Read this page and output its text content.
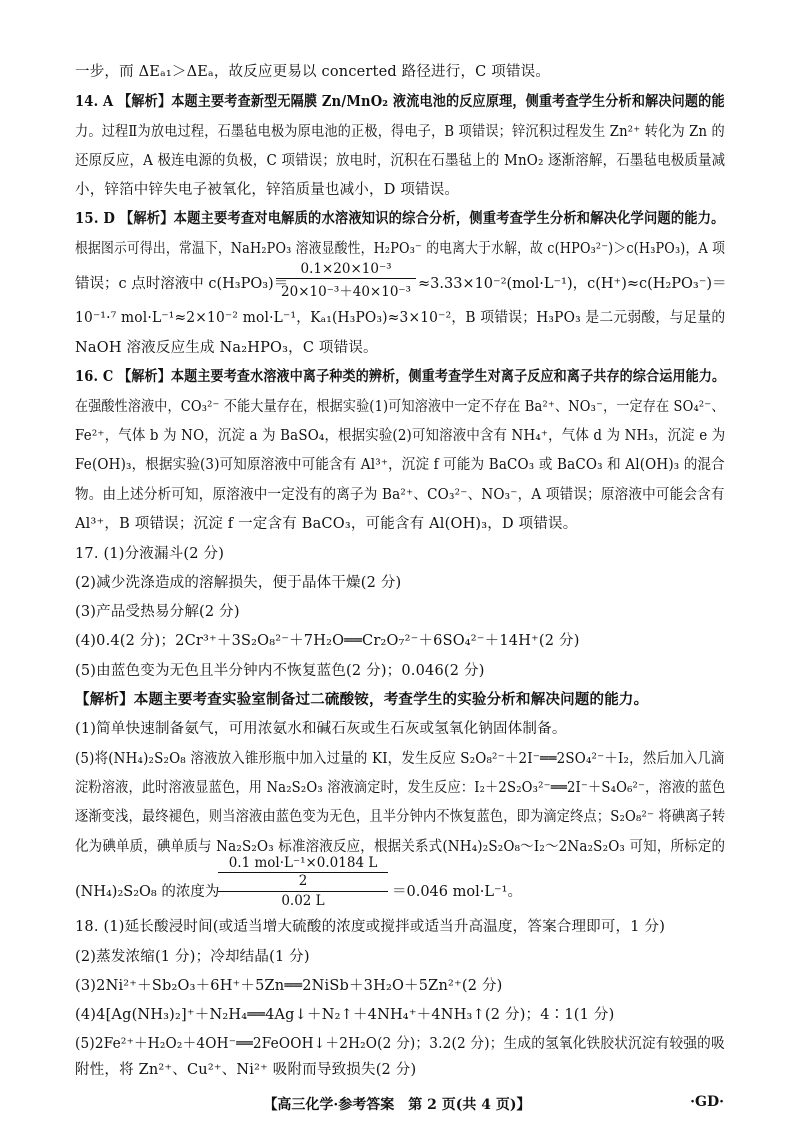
一步，而 ΔEₐ₁＞ΔEₐ，故反应更易以 concerted 路径进行，C 项错误。
14. A 【解析】本题主要考查新型无隔膜 Zn/MnO₂ 液流电池的反应原理，侧重考查学生分析和解决问题的能
力。过程Ⅱ为放电过程，石墨毡电极为原电池的正极，得电子，B 项错误；锌沉积过程发生 Zn²⁺ 转化为 Zn 的
还原反应，A 极连电源的负极，C 项错误；放电时，沉积在石墨毡上的 MnO₂ 逐渐溶解，石墨毡电极质量减
小，锌箔中锌失电子被氧化，锌箔质量也减小，D 项错误。
15. D 【解析】本题主要考查对电解质的水溶液知识的综合分析，侧重考查学生分析和解决化学问题的能力。
根据图示可得出，常温下，NaH₂PO₃ 溶液显酸性，H₂PO₃⁻ 的电离大于水解，故 c(HPO₃²⁻)＞c(H₃PO₃)，A 项
错误；c 点时溶液中 c(H₃PO₃)＝
$\frac{\text{0.1×20×10⁻³}}{\text{20×10⁻³＋40×10⁻³}} \approx 3.33\times 10^{-2}(mol\cdot L^{-1})$，c(H⁺)≈c(H₂PO₃⁻)＝
10⁻¹·⁷ mol·L⁻¹≈2×10⁻² mol·L⁻¹，Kₐ₁(H₃PO₃)≈3×10⁻²，B 项错误；H₃PO₃ 是二元弱酸，与足量的
NaOH 溶液反应生成 Na₂HPO₃，C 项错误。
16. C 【解析】本题主要考查水溶液中离子种类的辨析，侧重考查学生对离子反应和离子共存的综合运用能力。
在强酸性溶液中，CO₃²⁻ 不能大量存在，根据实验(1)可知溶液中一定不存在 Ba²⁺、NO₃⁻，一定存在 SO₄²⁻、
Fe²⁺，气体 b 为 NO，沉淀 a 为 BaSO₄，根据实验(2)可知溶液中含有 NH₄⁺，气体 d 为 NH₃，沉淀 e 为
Fe(OH)₃，根据实验(3)可知原溶液中可能含有 Al³⁺，沉淀 f 可能为 BaCO₃ 或 BaCO₃ 和 Al(OH)₃ 的混合
物。由上述分析可知，原溶液中一定没有的离子为 Ba²⁺、CO₃²⁻、NO₃⁻，A 项错误；原溶液中可能会含有
Al³⁺，B 项错误；沉淀 f 一定含有 BaCO₃，可能含有 Al(OH)₃，D 项错误。
17. (1)分液漏斗(2 分)
(2)减少洗涤造成的溶解损失，便于晶体干燥(2 分)
(3)产品受热易分解(2 分)
(4)0.4(2 分)；2Cr³⁺＋3S₂O₈²⁻＋7H₂O══Cr₂O₇²⁻＋6SO₄²⁻＋14H⁺(2 分)
(5)由蓝色变为无色且半分钟内不恢复蓝色(2 分)；0.046(2 分)
【解析】本题主要考查实验室制备过二硫酸铵，考查学生的实验分析和解决问题的能力。
(1)简单快速制备氨气，可用浓氨水和碱石灰或生石灰或氢氧化钠固体制备。
(5)将(NH₄)₂S₂O₈ 溶液放入锥形瓶中加入过量的 KI，发生反应 S₂O₈²⁻＋2I⁻══2SO₄²⁻＋I₂，然后加入几滴
淀粉溶液，此时溶液显蓝色，用 Na₂S₂O₃ 溶液滴定时，发生反应：I₂＋2S₂O₃²⁻══2I⁻＋S₄O₆²⁻，溶液的蓝色
逐渐变浅，最终褪色，则当溶液由蓝色变为无色，且半分钟内不恢复蓝色，即为滴定终点；S₂O₈²⁻ 将碘离子转
化为碘单质，碘单质与 Na₂S₂O₃ 标准溶液反应，根据关系式(NH₄)₂S₂O₈～I₂～2Na₂S₂O₃ 可知，所标定的
(NH₄)₂S₂O₈ 的浓度为
0.1 mol·L⁻¹×0.0184 L
2
0.02 L
＝0.046 mol·L⁻¹。
18. (1)延长酸浸时间(或适当增大硫酸的浓度或搅拌或适当升高温度，答案合理即可，1 分)
(2)蒸发浓缩(1 分)；冷却结晶(1 分)
(3)2Ni²⁺＋Sb₂O₃＋6H⁺＋5Zn══2NiSb＋3H₂O＋5Zn²⁺(2 分)
(4)4[Ag(NH₃)₂]⁺＋N₂H₄══4Ag↓＋N₂↑＋4NH₄⁺＋4NH₃↑(2 分)；4∶1(1 分)
(5)2Fe²⁺＋H₂O₂＋4OH⁻══2FeOOH↓＋2H₂O(2 分)；3.2(2 分)；生成的氢氧化铁胶状沉淀有较强的吸
附性，将 Zn²⁺、Cu²⁺、Ni²⁺ 吸附而导致损失(2 分)
【高三化学·参考答案　第 2 页(共 4 页)】	·GD·
